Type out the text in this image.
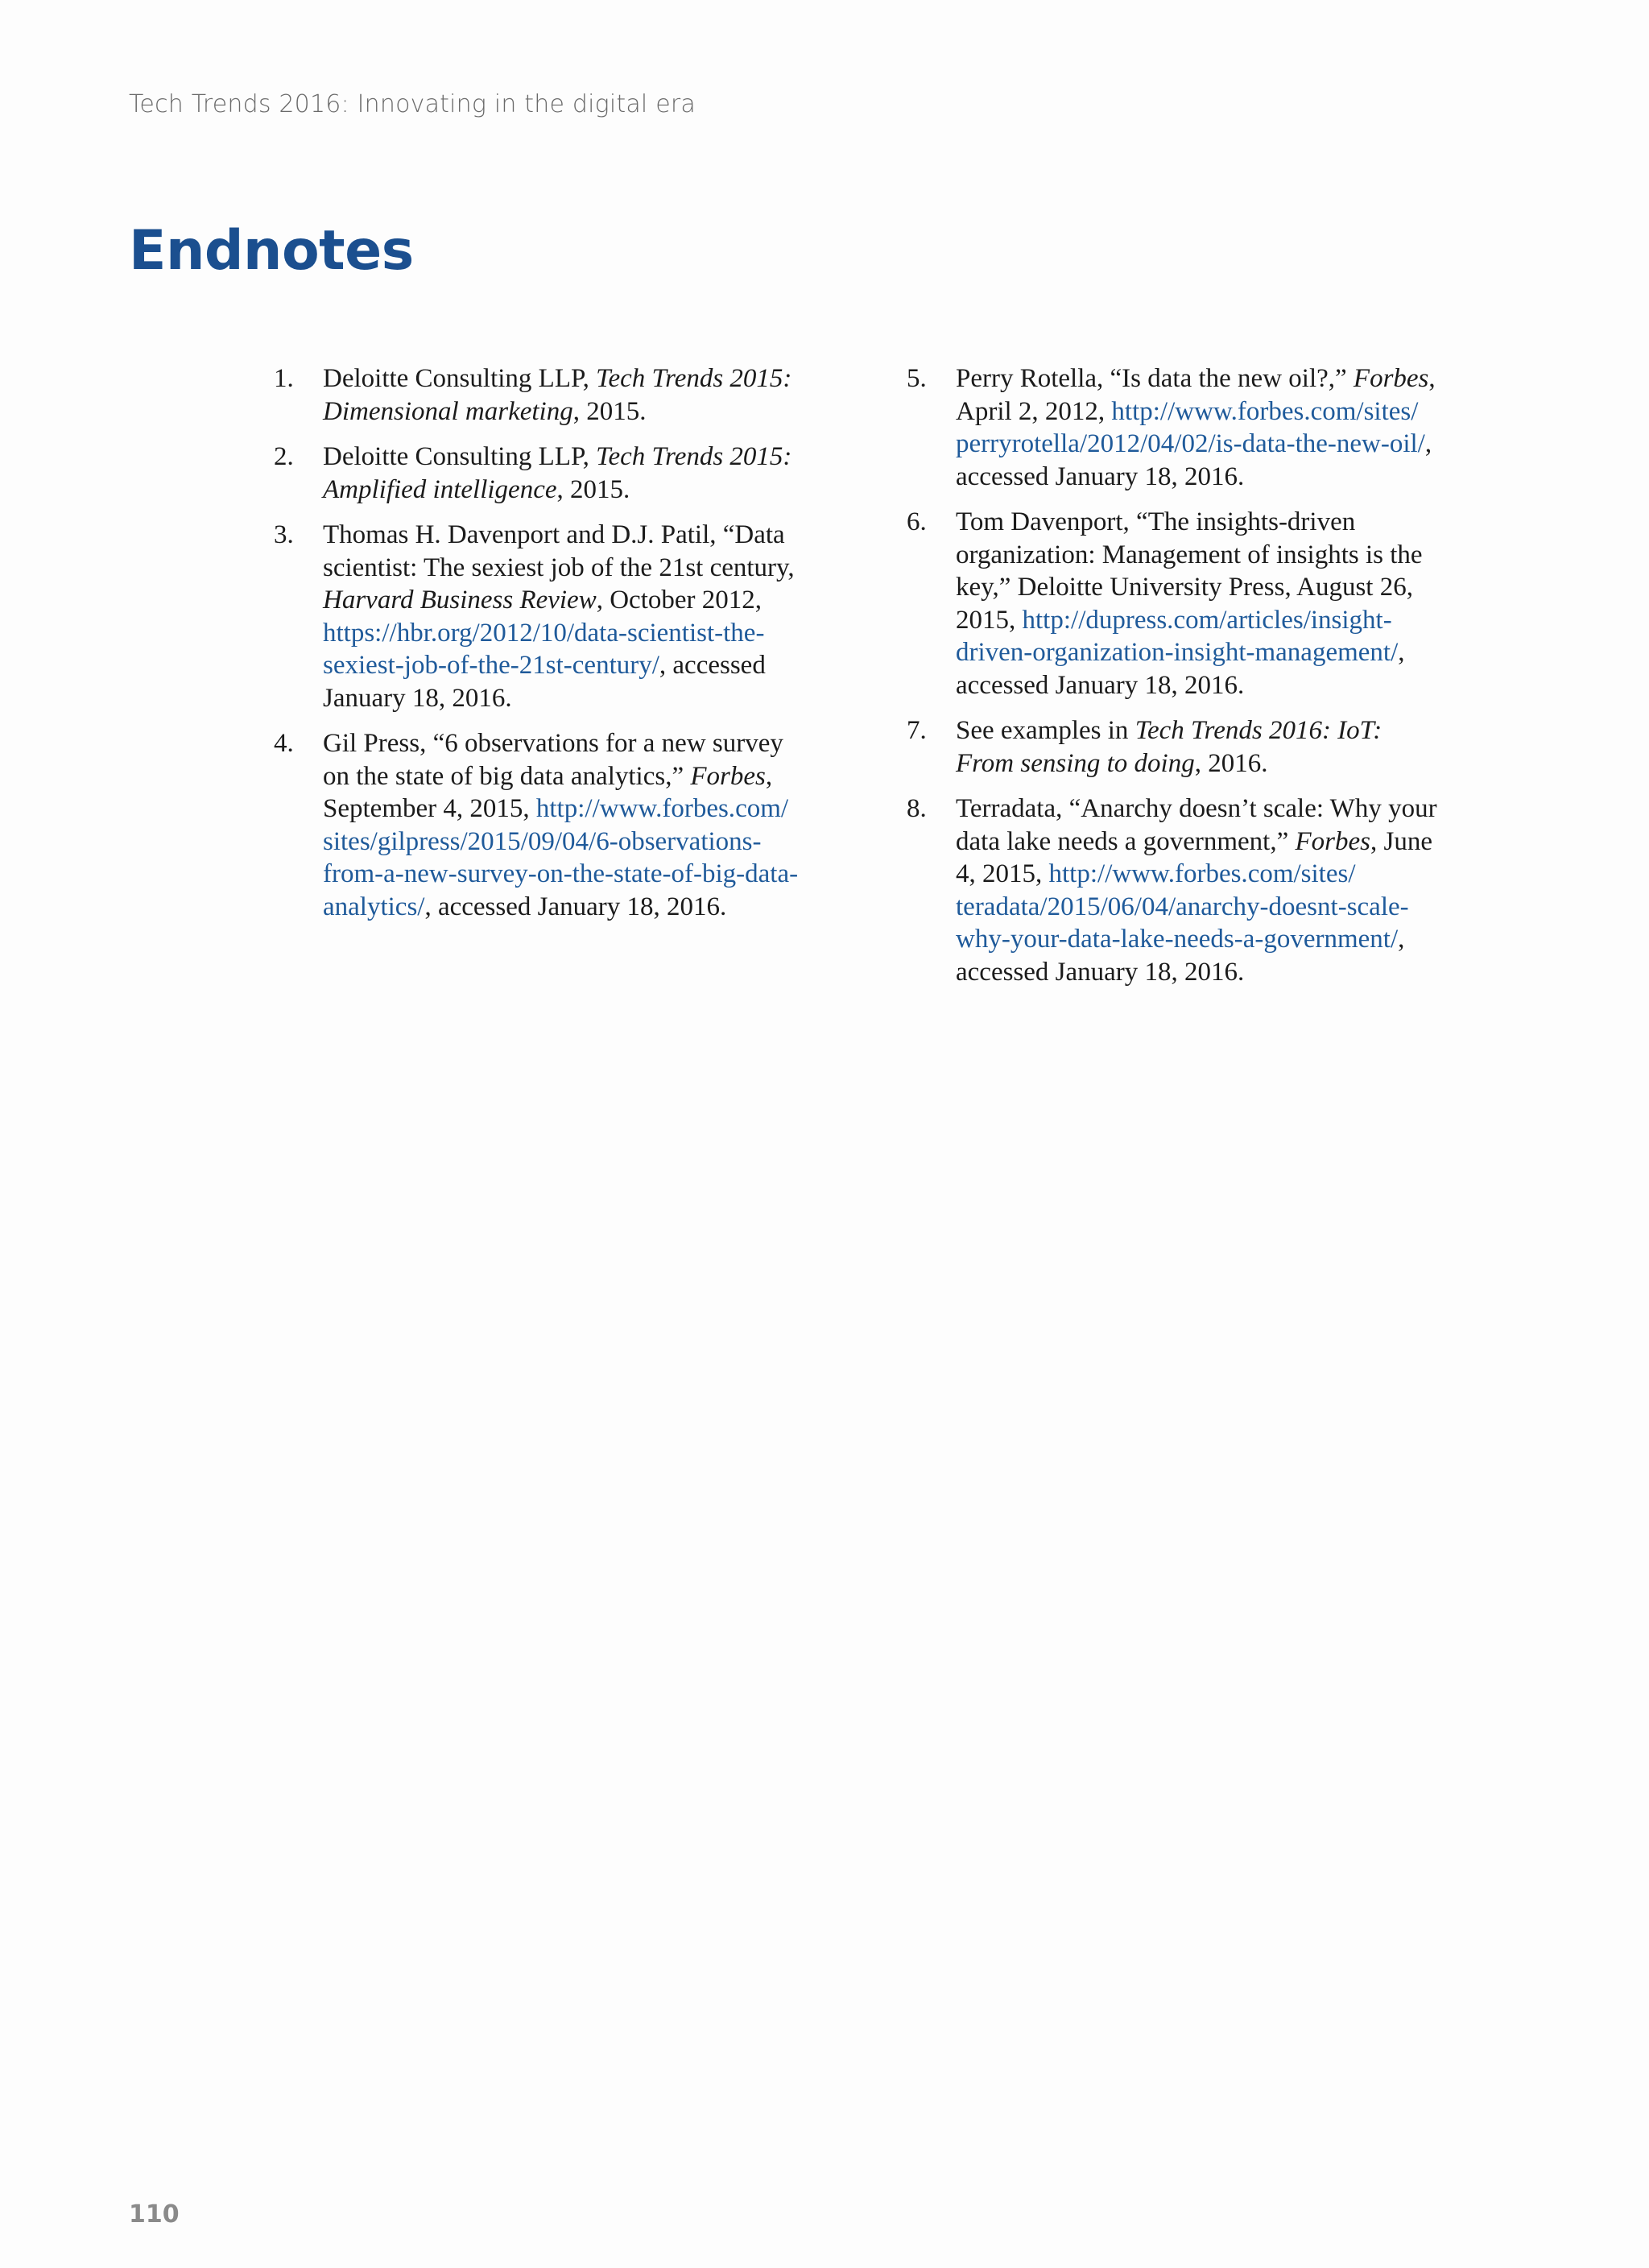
Tech Trends 2016: Innovating in the digital era
Endnotes
1. Deloitte Consulting LLP, Tech Trends 2015: Dimensional marketing, 2015.
2. Deloitte Consulting LLP, Tech Trends 2015: Amplified intelligence, 2015.
3. Thomas H. Davenport and D.J. Patil, “Data scientist: The sexiest job of the 21st century, Harvard Business Review, October 2012, https://hbr.org/2012/10/data-scientist-the-sexiest-job-of-the-21st-century/, accessed January 18, 2016.
4. Gil Press, “6 observations for a new survey on the state of big data analytics,” Forbes, September 4, 2015, http://www.forbes.com/sites/gilpress/2015/09/04/6-observations-from-a-new-survey-on-the-state-of-big-data-analytics/, accessed January 18, 2016.
5. Perry Rotella, “Is data the new oil?,” Forbes, April 2, 2012, http://www.forbes.com/sites/perryrotella/2012/04/02/is-data-the-new-oil/, accessed January 18, 2016.
6. Tom Davenport, “The insights-driven organization: Management of insights is the key,” Deloitte University Press, August 26, 2015, http://dupress.com/articles/insight-driven-organization-insight-management/, accessed January 18, 2016.
7. See examples in Tech Trends 2016: IoT: From sensing to doing, 2016.
8. Terradata, “Anarchy doesn’t scale: Why your data lake needs a government,” Forbes, June 4, 2015, http://www.forbes.com/sites/teradata/2015/06/04/anarchy-doesnt-scale-why-your-data-lake-needs-a-government/, accessed January 18, 2016.
110
